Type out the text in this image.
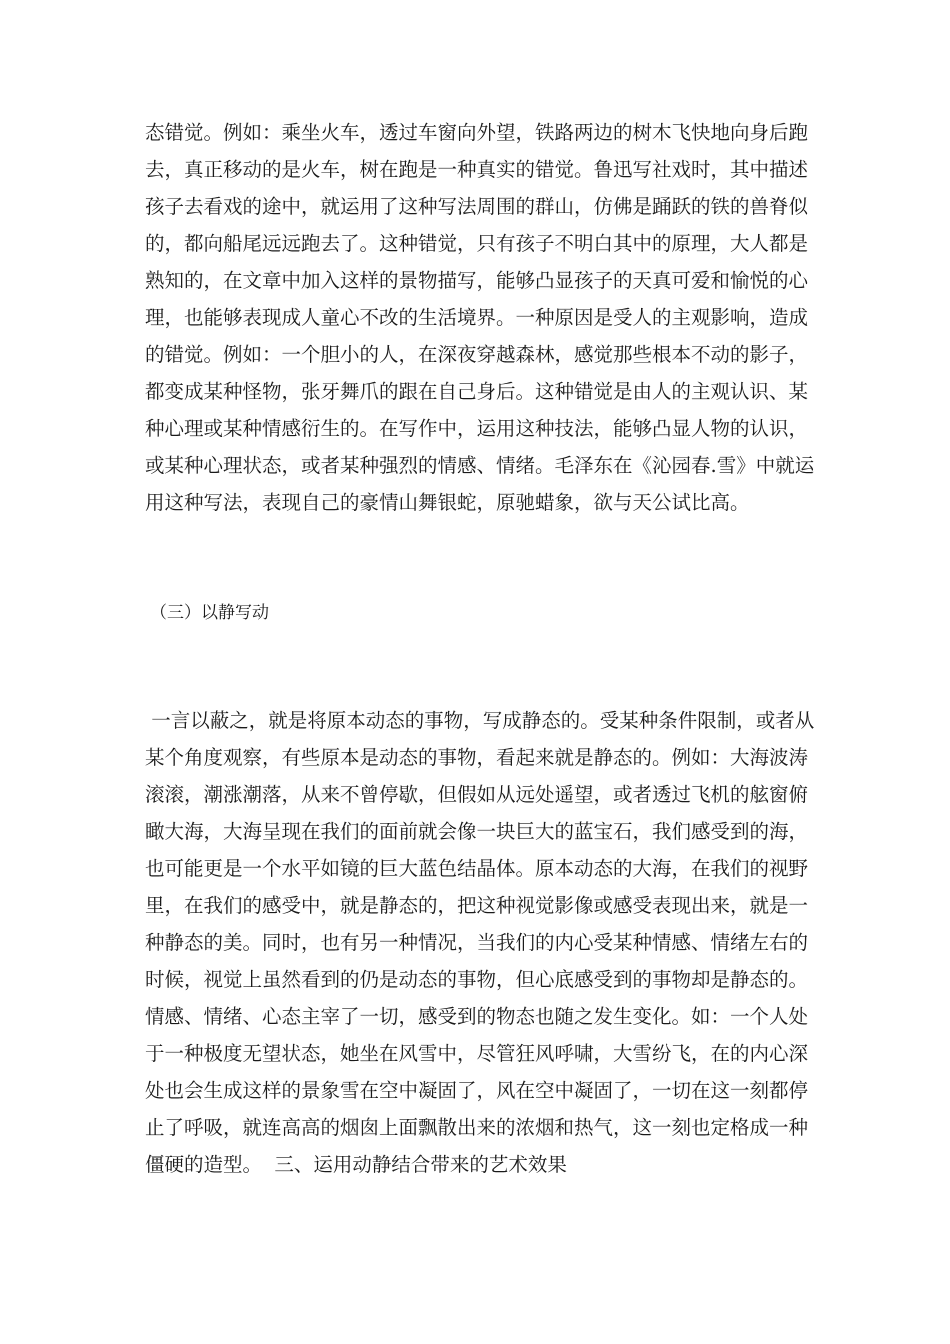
态错觉。例如：乘坐火车，透过车窗向外望，铁路两边的树木飞快地向身后跑
去，真正移动的是火车，树在跑是一种真实的错觉。鲁迅写社戏时，其中描述
孩子去看戏的途中，就运用了这种写法周围的群山，仿佛是踊跃的铁的兽脊似
的，都向船尾远远跑去了。这种错觉，只有孩子不明白其中的原理，大人都是
熟知的，在文章中加入这样的景物描写，能够凸显孩子的天真可爱和愉悦的心
理，也能够表现成人童心不改的生活境界。一种原因是受人的主观影响，造成
的错觉。例如：一个胆小的人，在深夜穿越森林，感觉那些根本不动的影子，
都变成某种怪物，张牙舞爪的跟在自己身后。这种错觉是由人的主观认识、某
种心理或某种情感衍生的。在写作中，运用这种技法，能够凸显人物的认识，
或某种心理状态，或者某种强烈的情感、情绪。毛泽东在《沁园春.雪》中就运
用这种写法，表现自己的豪情山舞银蛇，原驰蜡象，欲与天公试比高。
（三）以静写动
一言以蔽之，就是将原本动态的事物，写成静态的。受某种条件限制，或者从
某个角度观察，有些原本是动态的事物，看起来就是静态的。例如：大海波涛
滚滚，潮涨潮落，从来不曾停歇，但假如从远处遥望，或者透过飞机的舷窗俯
瞰大海，大海呈现在我们的面前就会像一块巨大的蓝宝石，我们感受到的海，
也可能更是一个水平如镜的巨大蓝色结晶体。原本动态的大海，在我们的视野
里，在我们的感受中，就是静态的，把这种视觉影像或感受表现出来，就是一
种静态的美。同时，也有另一种情况，当我们的内心受某种情感、情绪左右的
时候，视觉上虽然看到的仍是动态的事物，但心底感受到的事物却是静态的。
情感、情绪、心态主宰了一切，感受到的物态也随之发生变化。如：一个人处
于一种极度无望状态，她坐在风雪中，尽管狂风呼啸，大雪纷飞，在的内心深
处也会生成这样的景象雪在空中凝固了，风在空中凝固了，一切在这一刻都停
止了呼吸，就连高高的烟囱上面飘散出来的浓烟和热气，这一刻也定格成一种
僵硬的造型。  三、运用动静结合带来的艺术效果
